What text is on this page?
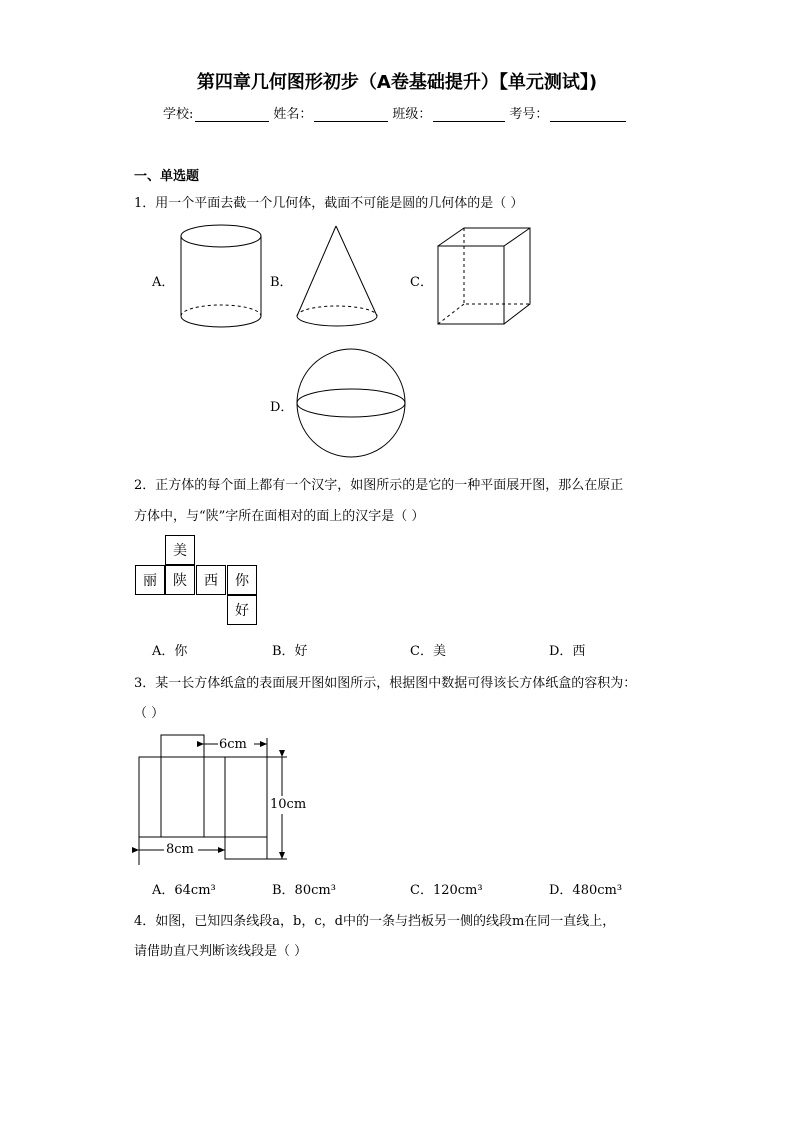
第四章几何图形初步（A卷基础提升）【单元测试】)
学校:	姓名：	班级：	考号：
一、单选题
1．用一个平面去截一个几何体，截面不可能是圆的几何体的是（ ）
A．	B．	C．
D．
2．正方体的每个面上都有一个汉字，如图所示的是它的一种平面展开图，那么在原正
方体中，与“陕”字所在面相对的面上的汉字是（ ）
美
丽	陕	西	你
好
A．你	B．好	C．美	D．西
3．某一长方体纸盒的表面展开图如图所示，根据图中数据可得该长方体纸盒的容积为：
（ ）
6cm
10cm
8cm
A．64cm³	B．80cm³	C．120cm³	D．480cm³
4．如图，已知四条线段a，b，c，d中的一条与挡板另一侧的线段m在同一直线上，
请借助直尺判断该线段是（ ）
